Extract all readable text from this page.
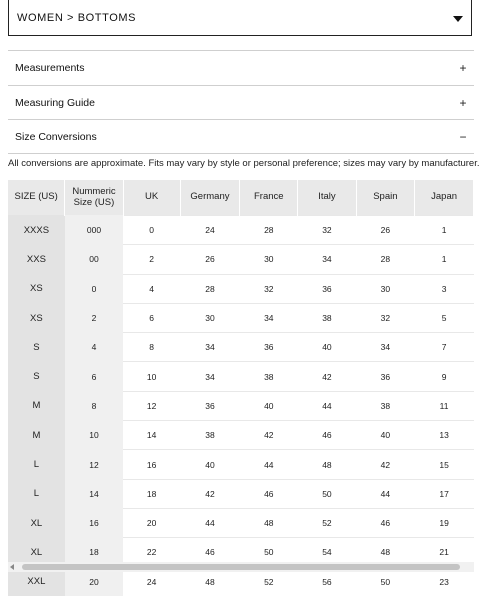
WOMEN > BOTTOMS
Measurements	+
Measuring Guide	+
Size Conversions	−
All conversions are approximate. Fits may vary by style or personal preference; sizes may vary by manufacturer.
SIZE (US)	Nummeric Size (US)	UK	Germany	France	Italy	Spain	Japan
XXXS	000	0	24	28	32	26	1
XXS	00	2	26	30	34	28	1
XS	0	4	28	32	36	30	3
XS	2	6	30	34	38	32	5
S	4	8	34	36	40	34	7
S	6	10	34	38	42	36	9
M	8	12	36	40	44	38	11
M	10	14	38	42	46	40	13
L	12	16	40	44	48	42	15
L	14	18	42	46	50	44	17
XL	16	20	44	48	52	46	19
XL	18	22	46	50	54	48	21
XXL	20	24	48	52	56	50	23
